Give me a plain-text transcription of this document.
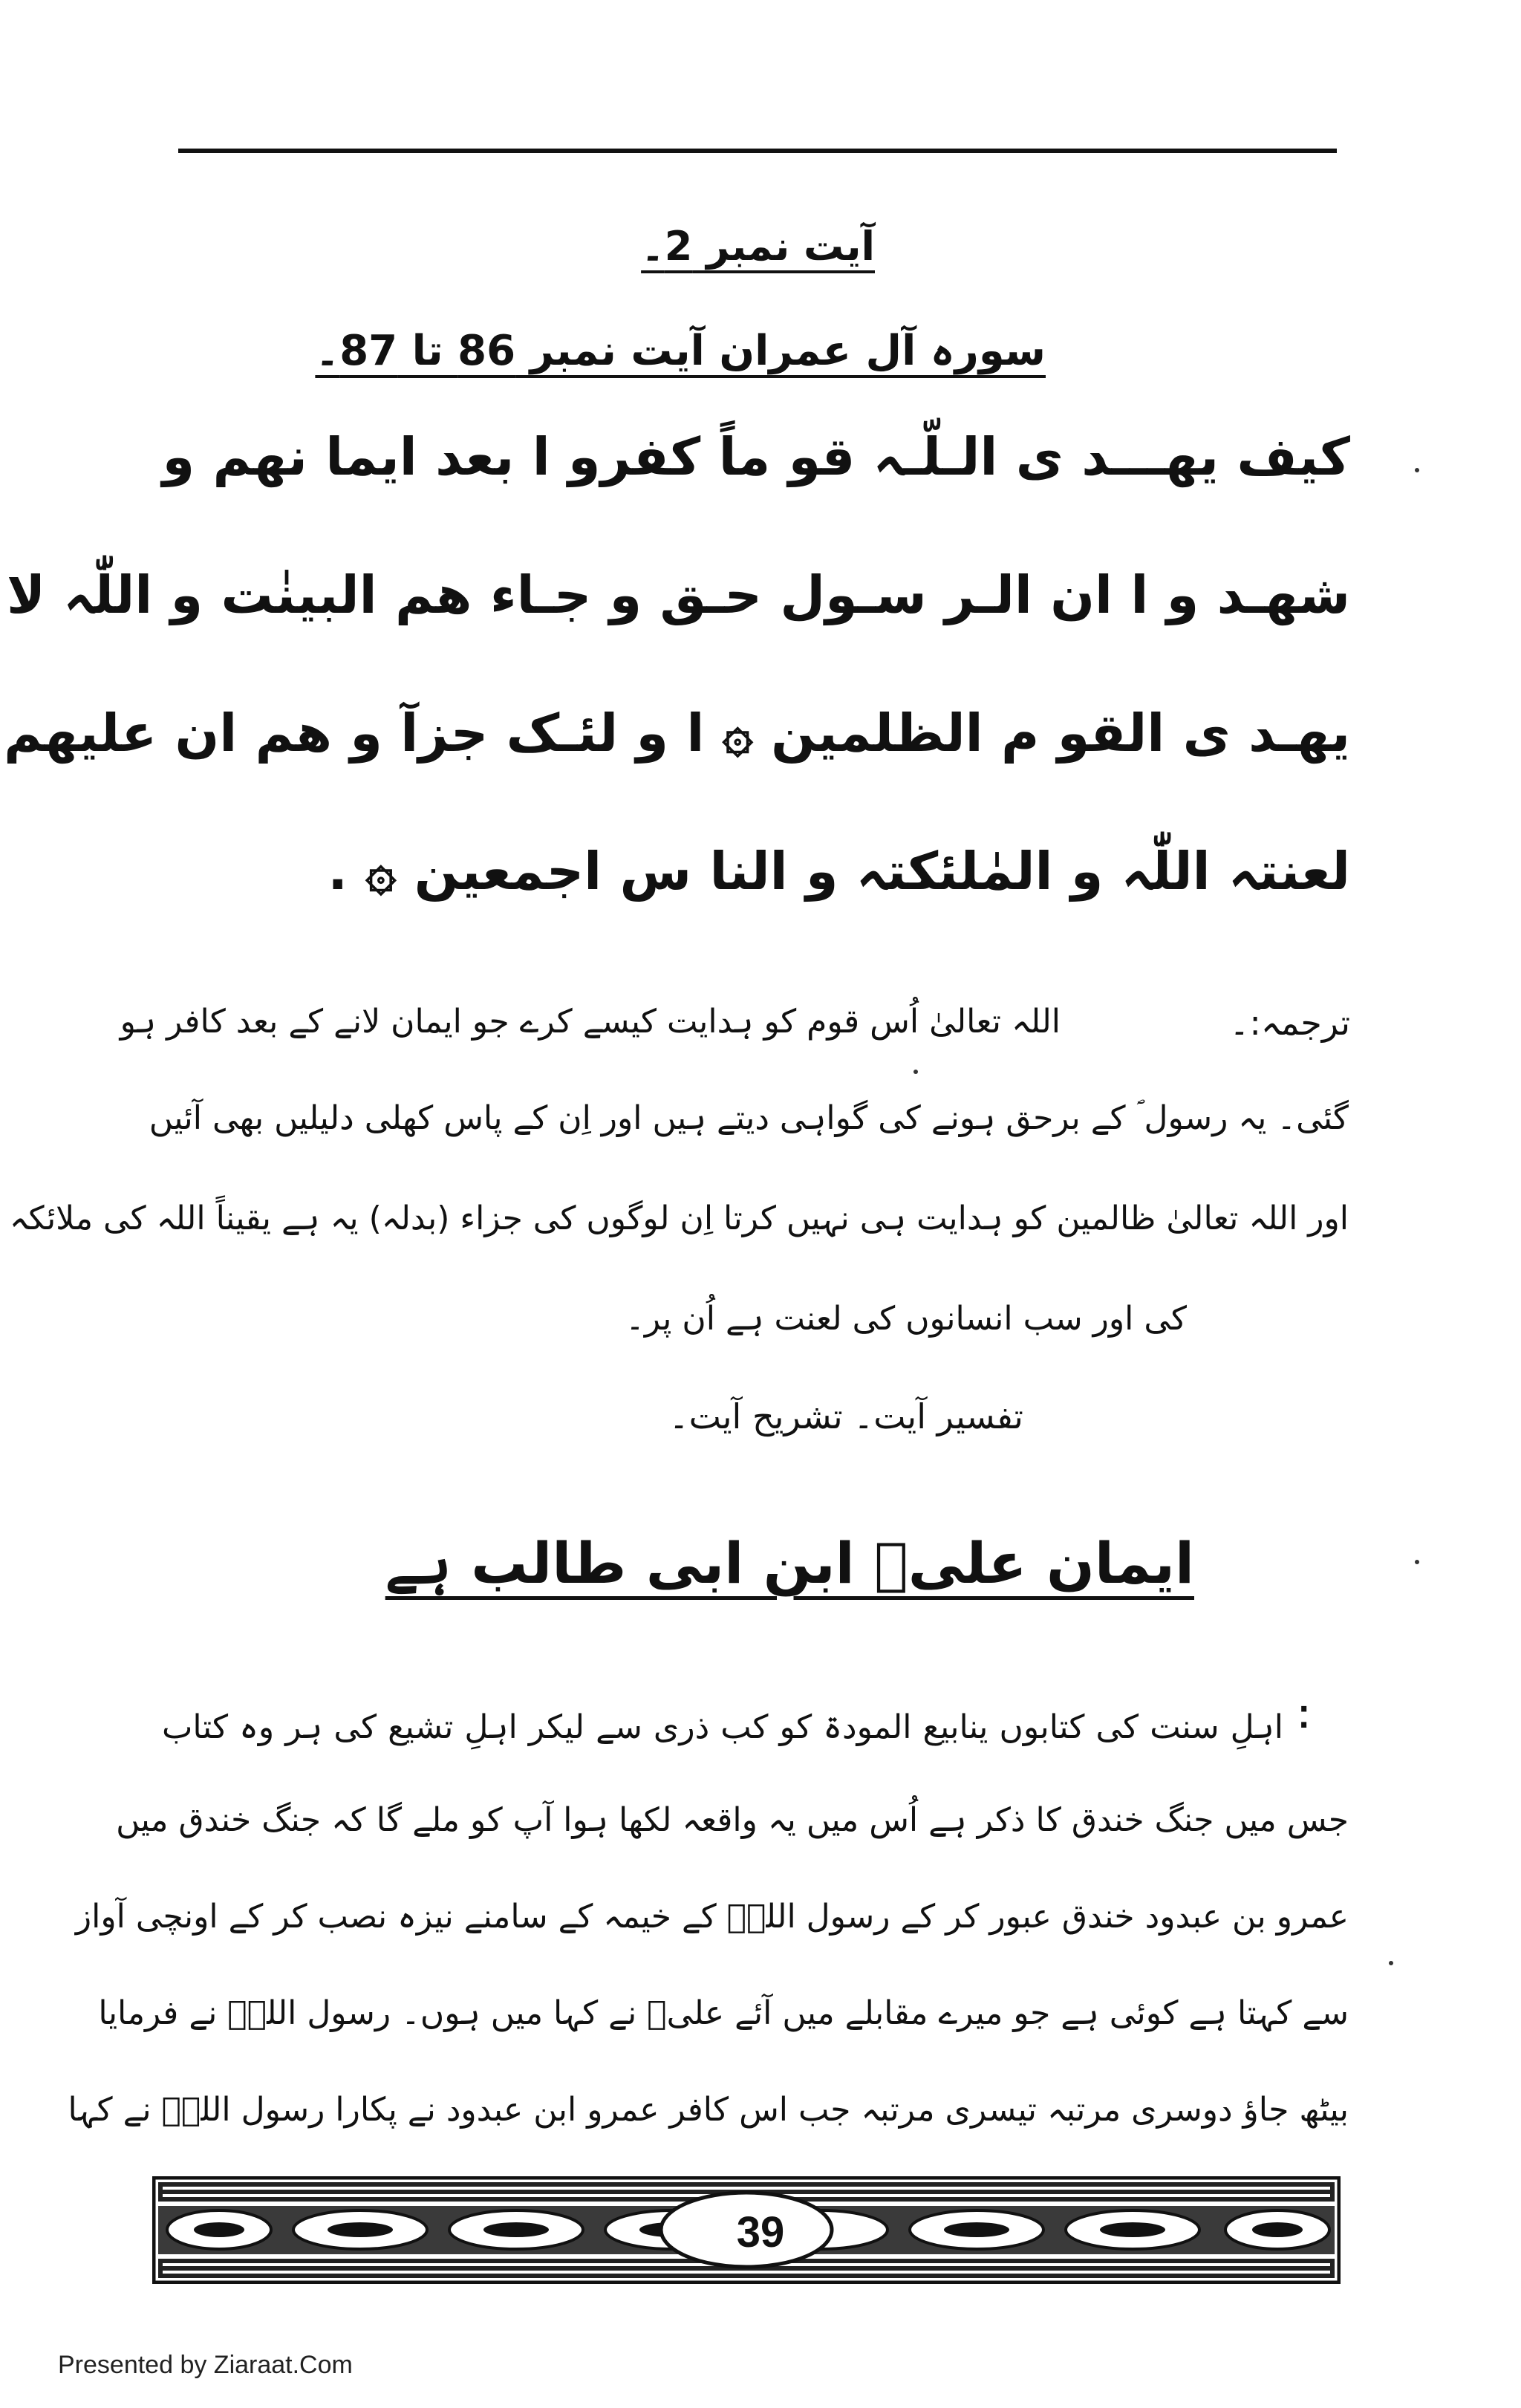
آیت نمبر 2۔
سورہ آل عمران آیت نمبر 86 تا 87۔
کیف یھـــد ی الـلّـہ قو ماً کفرو ا بعد ایما نھم و
شھـد و ا ان الـر سـول حـق و جـاء ھم البینٰت و اللّٰہ لا
یھـد ی القو م الظلمین ۞ ا و لئـک جزآ و ھم ان علیھم
لعنتہ اللّٰہ و المٰلئکتہ و النا س اجمعین ۞ .
ترجمہ:۔
اللہ تعالیٰ اُس قوم کو ہدایت کیسے کرے جو ایمان لانے کے بعد کافر ہو
گئی۔ یہ رسول ؐ کے برحق ہونے کی گواہی دیتے ہیں اور اِن کے پاس کھلی دلیلیں بھی آئیں
اور اللہ تعالیٰ ظالمین کو ہدایت ہی نہیں کرتا اِن لوگوں کی جزاء (بدلہ) یہ ہے یقیناً اللہ کی ملائکہ
کی اور سب انسانوں کی لعنت ہے اُن پر۔
تفسیر آیت۔ تشریح آیت۔
ایمان علیؑ ابن ابی طالب ہے
⁚
اہلِ سنت کی کتابوں ینابیع المودۃ کو کب ذری سے لیکر اہلِ تشیع کی ہر وہ کتاب
جس میں جنگ خندق کا ذکر ہے اُس میں یہ واقعہ لکھا ہوا آپ کو ملے گا کہ جنگ خندق میں
عمرو بن عبدود خندق عبور کر کے رسول اللہؐ کے خیمہ کے سامنے نیزہ نصب کر کے اونچی آواز
سے کہتا ہے کوئی ہے جو میرے مقابلے میں آئے علیؑ نے کہا میں ہوں۔ رسول اللہؐ نے فرمایا
بیٹھ جاؤ دوسری مرتبہ تیسری مرتبہ جب اس کافر عمرو ابن عبدود نے پکارا رسول اللہؐ نے کہا
39
Presented by Ziaraat.Com
